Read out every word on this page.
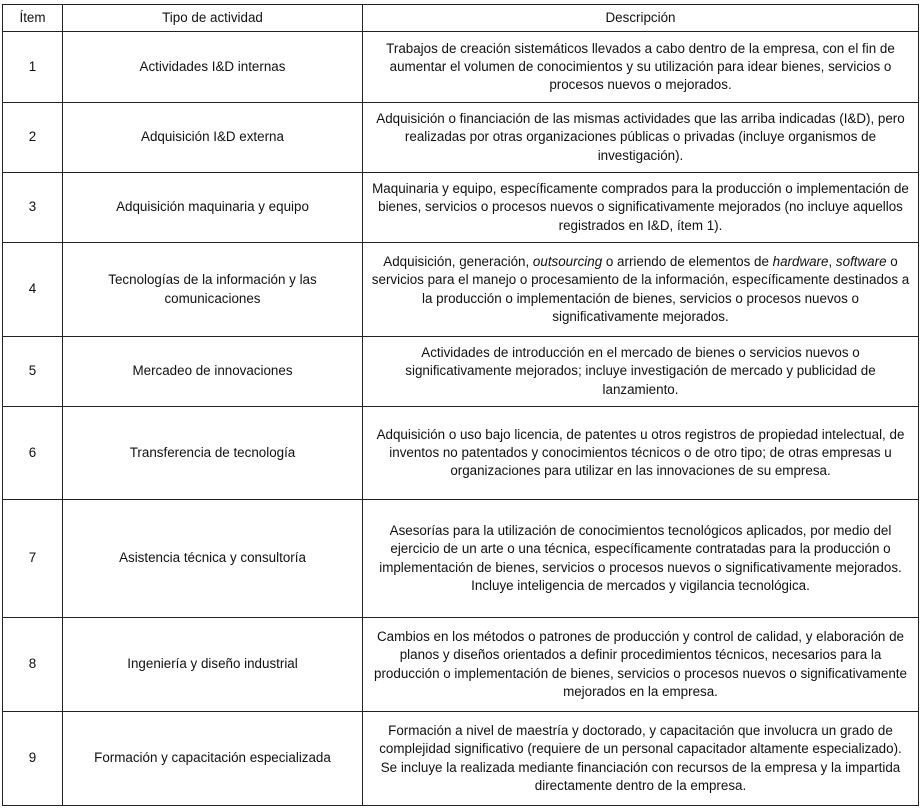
Ítem	Tipo de actividad	Descripción
1	Actividades I&D internas	Trabajos de creación sistemáticos llevados a cabo dentro de la empresa, con el fin de aumentar el volumen de conocimientos y su utilización para idear bienes, servicios o procesos nuevos o mejorados.
2	Adquisición I&D externa	Adquisición o financiación de las mismas actividades que las arriba indicadas (I&D), pero realizadas por otras organizaciones públicas o privadas (incluye organismos de investigación).
3	Adquisición maquinaria y equipo	Maquinaria y equipo, específicamente comprados para la producción o implementación de bienes, servicios o procesos nuevos o significativamente mejorados (no incluye aquellos registrados en I&D, ítem 1).
4	Tecnologías de la información y las comunicaciones	Adquisición, generación, outsourcing o arriendo de elementos de hardware, software o servicios para el manejo o procesamiento de la información, específicamente destinados a la producción o implementación de bienes, servicios o procesos nuevos o significativamente mejorados.
5	Mercadeo de innovaciones	Actividades de introducción en el mercado de bienes o servicios nuevos o significativamente mejorados; incluye investigación de mercado y publicidad de lanzamiento.
6	Transferencia de tecnología	Adquisición o uso bajo licencia, de patentes u otros registros de propiedad intelectual, de inventos no patentados y conocimientos técnicos o de otro tipo; de otras empresas u organizaciones para utilizar en las innovaciones de su empresa.
7	Asistencia técnica y consultoría	Asesorías para la utilización de conocimientos tecnológicos aplicados, por medio del ejercicio de un arte o una técnica, específicamente contratadas para la producción o implementación de bienes, servicios o procesos nuevos o significativamente mejorados. Incluye inteligencia de mercados y vigilancia tecnológica.
8	Ingeniería y diseño industrial	Cambios en los métodos o patrones de producción y control de calidad, y elaboración de planos y diseños orientados a definir procedimientos técnicos, necesarios para la producción o implementación de bienes, servicios o procesos nuevos o significativamente mejorados en la empresa.
9	Formación y capacitación especializada	Formación a nivel de maestría y doctorado, y capacitación que involucra un grado de complejidad significativo (requiere de un personal capacitador altamente especializado). Se incluye la realizada mediante financiación con recursos de la empresa y la impartida directamente dentro de la empresa.
